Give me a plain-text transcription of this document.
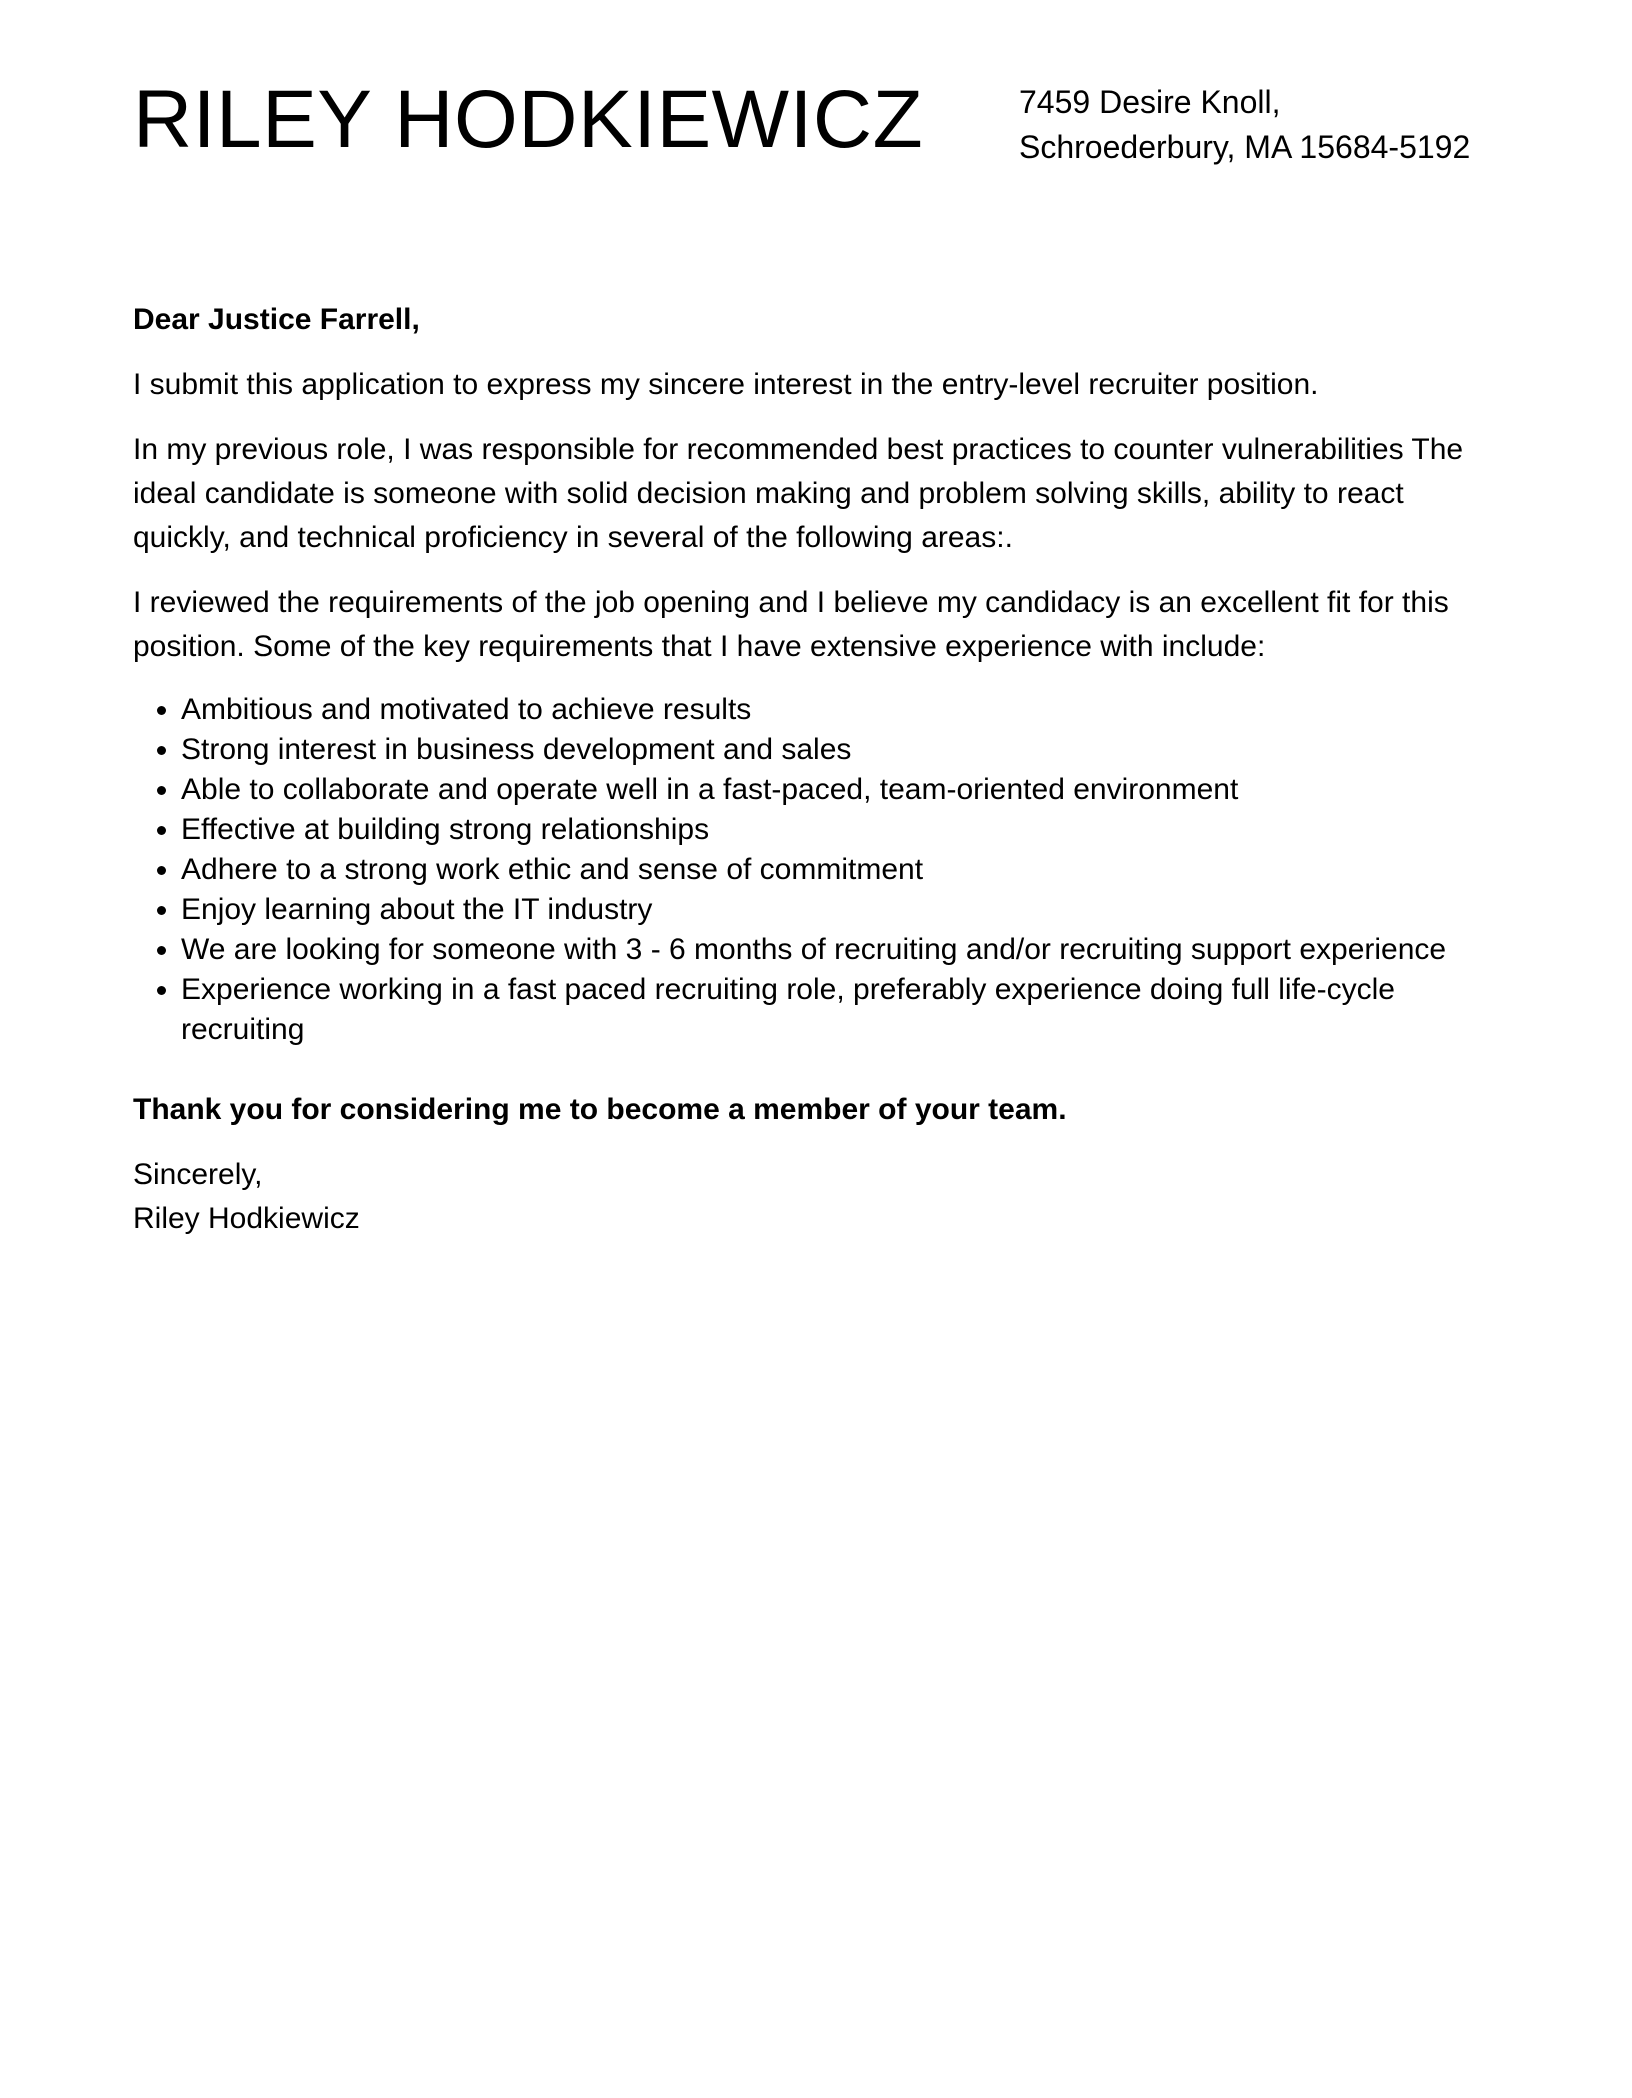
RILEY HODKIEWICZ	7459 Desire Knoll,
Schroederbury, MA 15684-5192

Dear Justice Farrell,

I submit this application to express my sincere interest in the entry-level recruiter position.

In my previous role, I was responsible for recommended best practices to counter vulnerabilities The ideal candidate is someone with solid decision making and problem solving skills, ability to react quickly, and technical proficiency in several of the following areas:.

I reviewed the requirements of the job opening and I believe my candidacy is an excellent fit for this position. Some of the key requirements that I have extensive experience with include:

• Ambitious and motivated to achieve results
• Strong interest in business development and sales
• Able to collaborate and operate well in a fast-paced, team-oriented environment
• Effective at building strong relationships
• Adhere to a strong work ethic and sense of commitment
• Enjoy learning about the IT industry
• We are looking for someone with 3 - 6 months of recruiting and/or recruiting support experience
• Experience working in a fast paced recruiting role, preferably experience doing full life-cycle recruiting

Thank you for considering me to become a member of your team.

Sincerely,
Riley Hodkiewicz
